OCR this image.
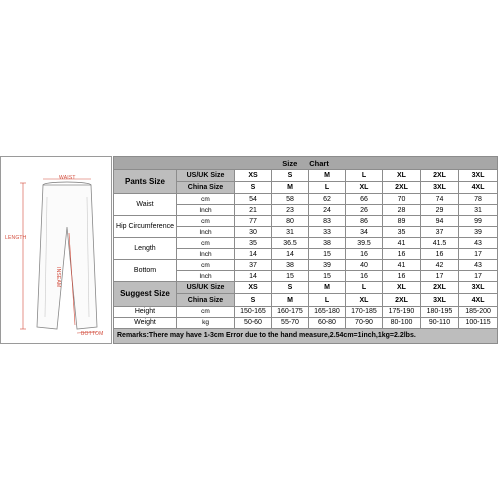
WAIST
LENGTH
INSEAM
BOTTOM
Size Chart								
Pants Size	US/UK Size	XS	S	M	L	XL	2XL	3XL
	China Size	S	M	L	XL	2XL	3XL	4XL
Waist	cm	54	58	62	66	70	74	78
	Inch	21	23	24	26	28	29	31
Hip Circumference	cm	77	80	83	86	89	94	99
	Inch	30	31	33	34	35	37	39
Length	cm	35	36.5	38	39.5	41	41.5	43
	Inch	14	14	15	16	16	16	17
Bottom	cm	37	38	39	40	41	42	43
	Inch	14	15	15	16	16	17	17
Suggest Size	US/UK Size	XS	S	M	L	XL	2XL	3XL
	China Size	S	M	L	XL	2XL	3XL	4XL
Height	cm	150-165	160-175	165-180	170-185	175-190	180-195	185-200
Weight	kg	50-60	55-70	60-80	70-90	80-100	90-110	100-115
Remarks:There may have 1-3cm Error due to the hand measure,2.54cm=1inch,1kg=2.2lbs.								
